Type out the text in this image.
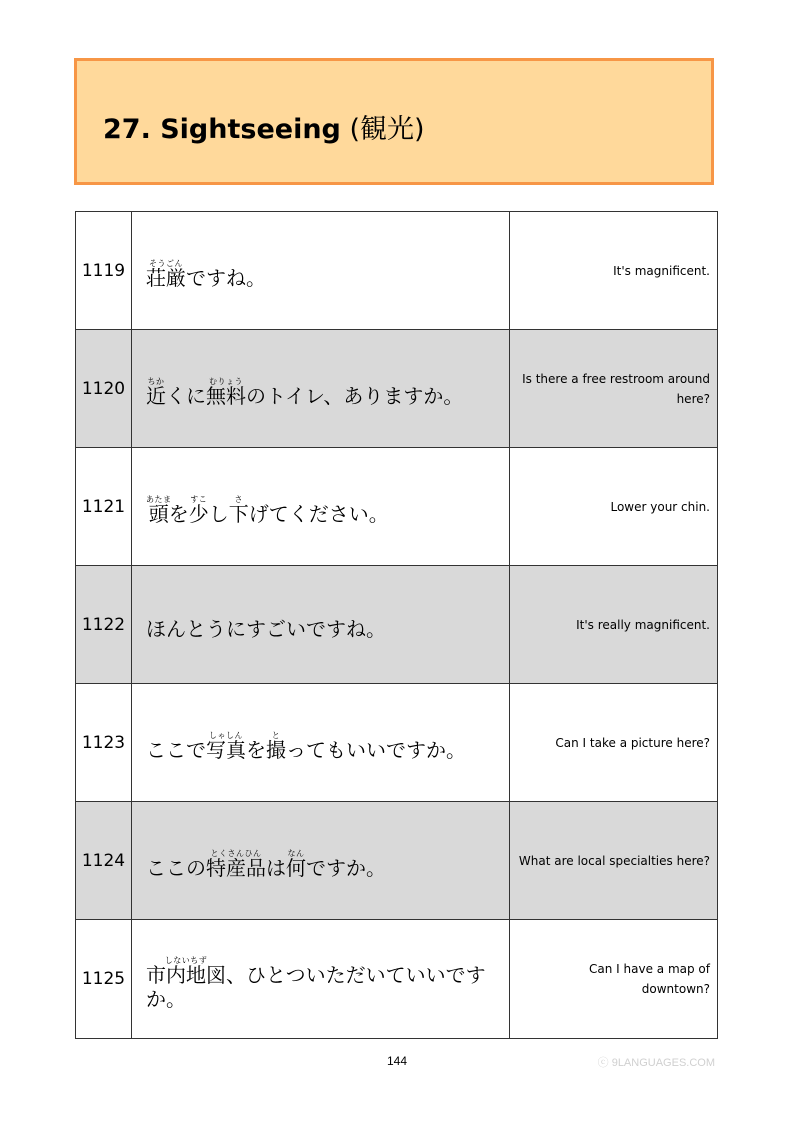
27. Sightseeing (観光)
1119	荘厳そうごんですね。	It's magnificent.
1120	近ちかくに無料むりょうのトイレ、ありますか。	Is there a free restroom around here?
1121	頭あたまを少すこし下さげてください。	Lower your chin.
1122	ほんとうにすごいですね。	It's really magnificent.
1123	ここで写真しゃしんを撮とってもいいですか。	Can I take a picture here?
1124	ここの特産品とくさんひんは何なんですか。	What are local specialties here?
1125	市内地図しないちず、ひとついただいていいですか。	Can I have a map of downtown?
144	ⓒ 9LANGUAGES.COM
